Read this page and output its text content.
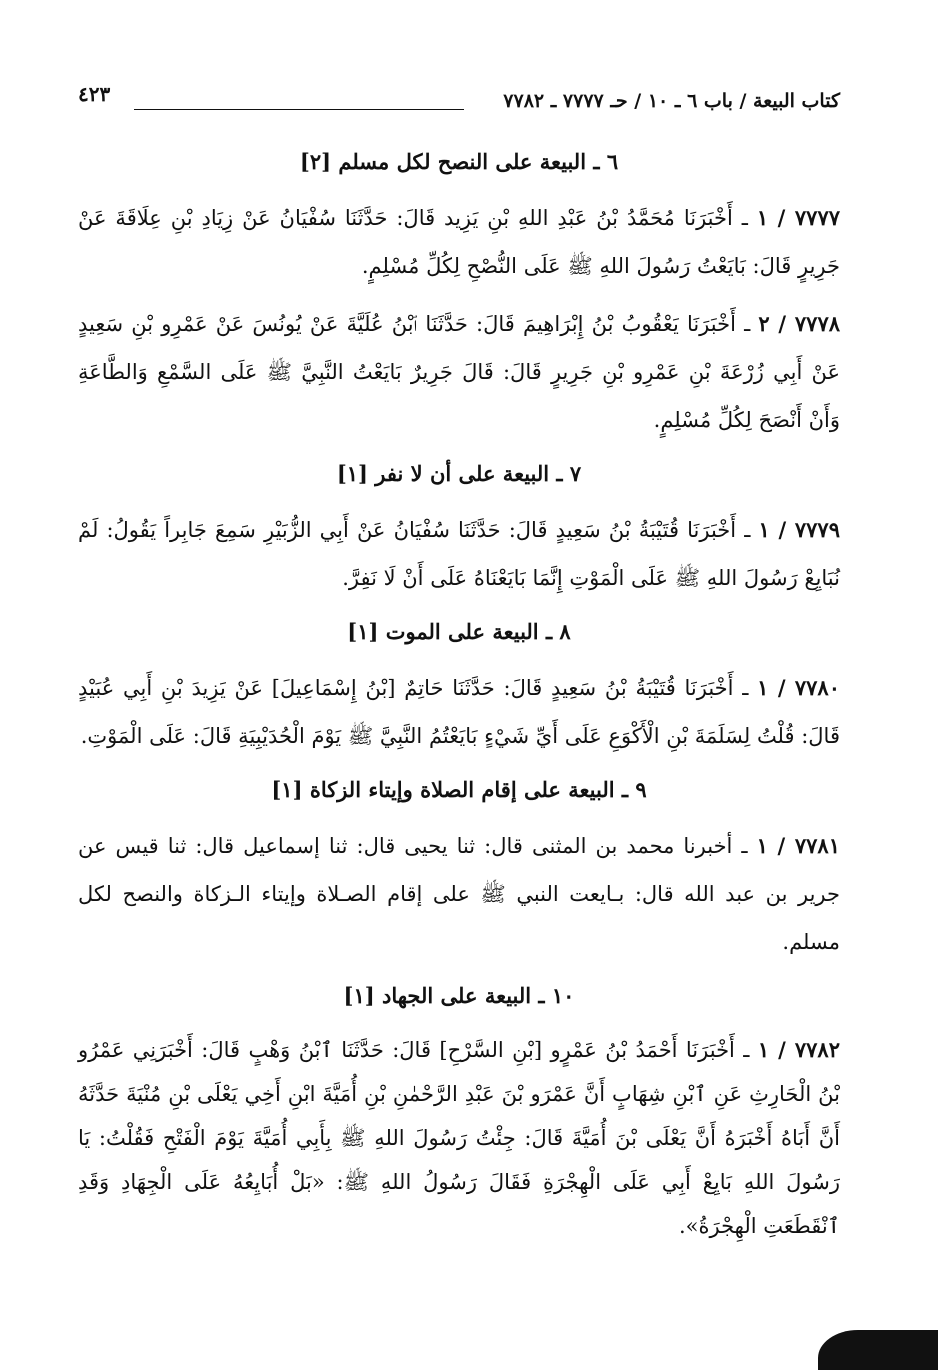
كتاب البيعة / باب ٦ ـ ١٠ / حـ ٧٧٧٧ ـ ٧٧٨٢
٤٢٣
٦ ـ البيعة على النصح لكل مسلم [٢]

٧٧٧٧ / ١ ـ أَخْبَرَنَا مُحَمَّدُ بْنُ عَبْدِ اللهِ بْنِ يَزِيد قَالَ: حَدَّثَنَا سُفْيَانُ عَنْ زِيَادِ بْنِ عِلَاقَةَ عَنْ جَرِيرٍ قَالَ: بَايَعْتُ رَسُولَ اللهِ ﷺ عَلَى النُّصْحِ لِكُلِّ مُسْلِمٍ.

٧٧٧٨ / ٢ ـ أَخْبَرَنَا يَعْقُوبُ بْنُ إِبْرَاهِيمَ قَالَ: حَدَّثَنَا ٱبْنُ عُلَيَّةَ عَنْ يُونُسَ عَنْ عَمْرِو بْنِ سَعِيدٍ عَنْ أَبِي زُرْعَةَ بْنِ عَمْرِو بْنِ جَرِيرٍ قَالَ: قَالَ جَرِيرٌ بَايَعْتُ النَّبِيَّ ﷺ عَلَى السَّمْعِ وَالطَّاعَةِ وَأَنْ أَنْصَحَ لِكُلِّ مُسْلِمٍ.

٧ ـ البيعة على أن لا نفر [١]

٧٧٧٩ / ١ ـ أَخْبَرَنَا قُتَيْبَةُ بْنُ سَعِيدٍ قَالَ: حَدَّثَنَا سُفْيَانُ عَنْ أَبِي الزُّبَيْرِ سَمِعَ جَابِراً يَقُولُ: لَمْ نُبَايِعْ رَسُولَ اللهِ ﷺ عَلَى الْمَوْتِ إِنَّمَا بَايَعْنَاهُ عَلَى أَنْ لَا نَفِرَّ.

٨ ـ البيعة على الموت [١]

٧٧٨٠ / ١ ـ أَخْبَرَنَا قُتَيْبَةُ بْنُ سَعِيدٍ قَالَ: حَدَّثَنَا حَاتِمٌ [بْنُ إِسْمَاعِيلَ] عَنْ يَزِيدَ بْنِ أَبِي عُبَيْدٍ قَالَ: قُلْتُ لِسَلَمَةَ بْنِ الْأَكْوَعِ عَلَى أَيِّ شَيْءٍ بَايَعْتُمُ النَّبِيَّ ﷺ يَوْمَ الْحُدَيْبِيَةِ قَالَ: عَلَى الْمَوْتِ.

٩ ـ البيعة على إقام الصلاة وإيتاء الزكاة [١]

٧٧٨١ / ١ ـ أخبرنا محمد بن المثنى قال: ثنا يحيى قال: ثنا إسماعيل قال: ثنا قيس عن جرير بن عبد الله قال: بـايعت النبي ﷺ على إقام الصـلاة وإيتاء الـزكاة والنصح لكل مسلم.

١٠ ـ البيعة على الجهاد [١]

٧٧٨٢ / ١ ـ أَخْبَرَنَا أَحْمَدُ بْنُ عَمْرٍو [بْنِ السَّرْحِ] قَالَ: حَدَّثَنَا ٱبْنُ وَهْبٍ قَالَ: أَخْبَرَنِي عَمْرُو بْنُ الْحَارِثِ عَنِ ٱبْنِ شِهَابٍ أَنَّ عَمْرَو بْنَ عَبْدِ الرَّحْمٰنِ بْنِ أُمَيَّةَ ابْنِ أَخِي يَعْلَى بْنِ مُنْيَةَ حَدَّثَهُ أَنَّ أَبَاهُ أَخْبَرَهُ أَنَّ يَعْلَى بْنَ أُمَيَّةَ قَالَ: جِئْتُ رَسُولَ اللهِ ﷺ بِأَبِي أُمَيَّةَ يَوْمَ الْفَتْحِ فَقُلْتُ: يَا رَسُولَ اللهِ بَايِعْ أَبِي عَلَى الْهِجْرَةِ فَقَالَ رَسُولُ اللهِ ﷺ: «بَلْ أُبَايِعُهُ عَلَى الْجِهَادِ وَقَدِ ٱنْقَطَعَتِ الْهِجْرَةُ».
